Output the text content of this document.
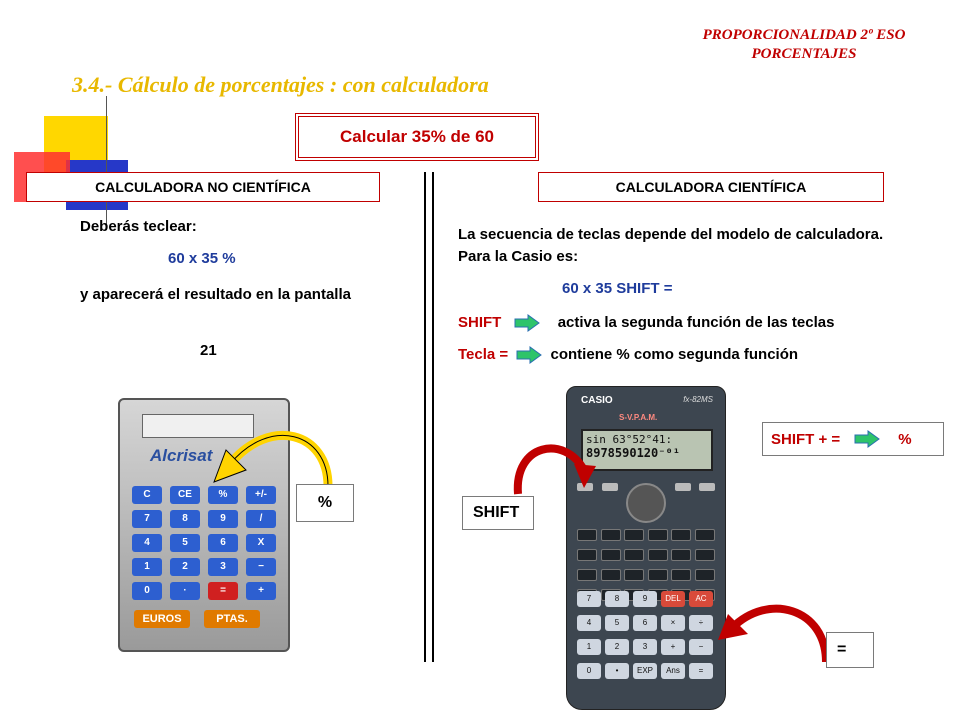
PROPORCIONALIDAD 2º ESO
PORCENTAJES
3.4.- Cálculo de porcentajes : con calculadora
Calcular 35% de 60
CALCULADORA NO CIENTÍFICA	CALCULADORA CIENTÍFICA
Deberás teclear:
60 x 35 %
y aparecerá el resultado en la pantalla
21
Alcrisat
C	CE	%	+/-
7	8	9	/
4	5	6	X
1	2	3	−
0	·	=	+
EUROS	PTAS.
%
La secuencia de teclas depende del modelo de calculadora. Para la Casio es:
60 x 35 SHIFT =
SHIFT	activa la segunda función de las teclas
Tecla =	contiene % como segunda función
CASIO	fx-82MS
S-V.P.A.M.
sin 63°52°41:
8978590120⁻⁰¹
7	8	9	DEL	AC
4	5	6	×	÷
1	2	3	+	−
0	•	EXP	Ans	=
SHIFT
=
SHIFT + =	%
